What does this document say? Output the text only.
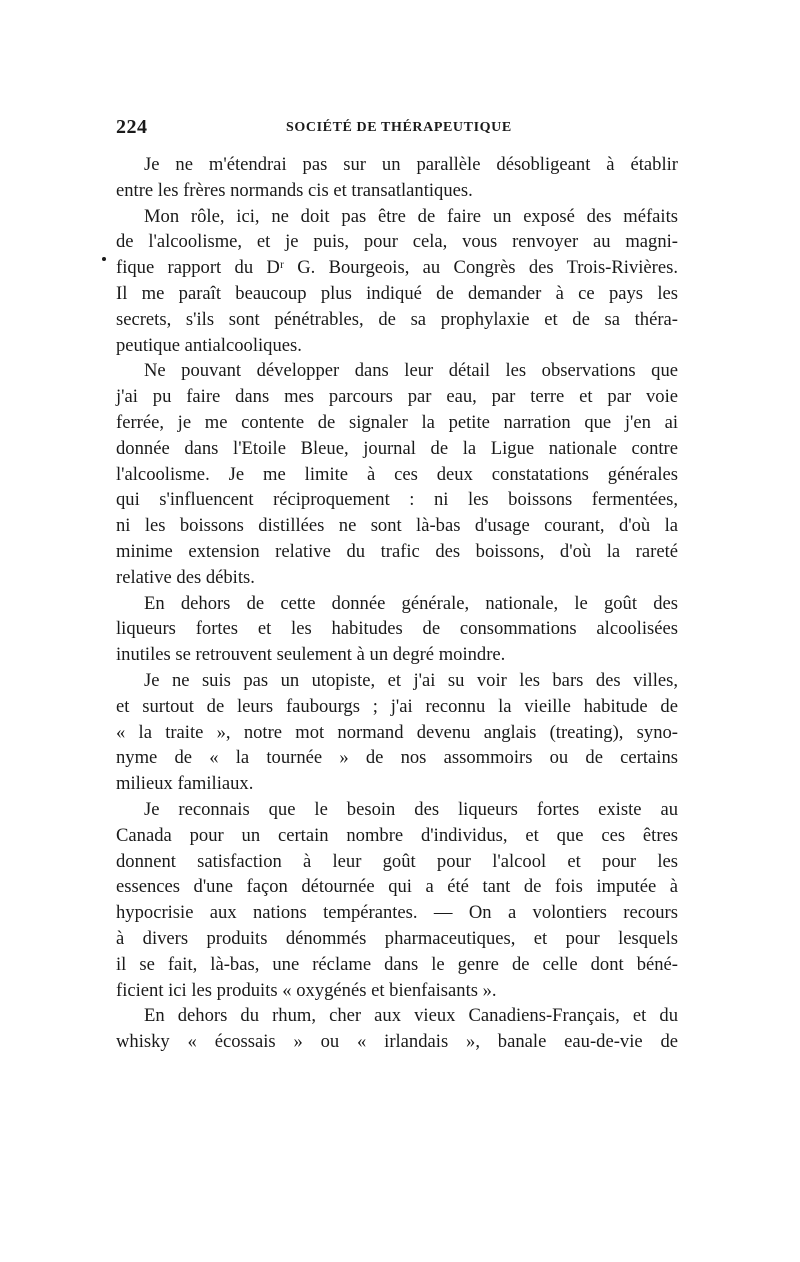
224	SOCIÉTÉ DE THÉRAPEUTIQUE
Je ne m'étendrai pas sur un parallèle désobligeant à établir
entre les frères normands cis et transatlantiques.
Mon rôle, ici, ne doit pas être de faire un exposé des méfaits
de l'alcoolisme, et je puis, pour cela, vous renvoyer au magni-
fique rapport du Dʳ G. Bourgeois, au Congrès des Trois-Rivières.
Il me paraît beaucoup plus indiqué de demander à ce pays les
secrets, s'ils sont pénétrables, de sa prophylaxie et de sa théra-
peutique antialcooliques.
Ne pouvant développer dans leur détail les observations que
j'ai pu faire dans mes parcours par eau, par terre et par voie
ferrée, je me contente de signaler la petite narration que j'en ai
donnée dans l'Etoile Bleue, journal de la Ligue nationale contre
l'alcoolisme. Je me limite à ces deux constatations générales
qui s'influencent réciproquement : ni les boissons fermentées,
ni les boissons distillées ne sont là-bas d'usage courant, d'où la
minime extension relative du trafic des boissons, d'où la rareté
relative des débits.
En dehors de cette donnée générale, nationale, le goût des
liqueurs fortes et les habitudes de consommations alcoolisées
inutiles se retrouvent seulement à un degré moindre.
Je ne suis pas un utopiste, et j'ai su voir les bars des villes,
et surtout de leurs faubourgs ; j'ai reconnu la vieille habitude de
« la traite », notre mot normand devenu anglais (treating), syno-
nyme de « la tournée » de nos assommoirs ou de certains
milieux familiaux.
Je reconnais que le besoin des liqueurs fortes existe au
Canada pour un certain nombre d'individus, et que ces êtres
donnent satisfaction à leur goût pour l'alcool et pour les
essences d'une façon détournée qui a été tant de fois imputée à
hypocrisie aux nations tempérantes. — On a volontiers recours
à divers produits dénommés pharmaceutiques, et pour lesquels
il se fait, là-bas, une réclame dans le genre de celle dont béné-
ficient ici les produits « oxygénés et bienfaisants ».
En dehors du rhum, cher aux vieux Canadiens-Français, et du
whisky « écossais » ou « irlandais », banale eau-de-vie de
